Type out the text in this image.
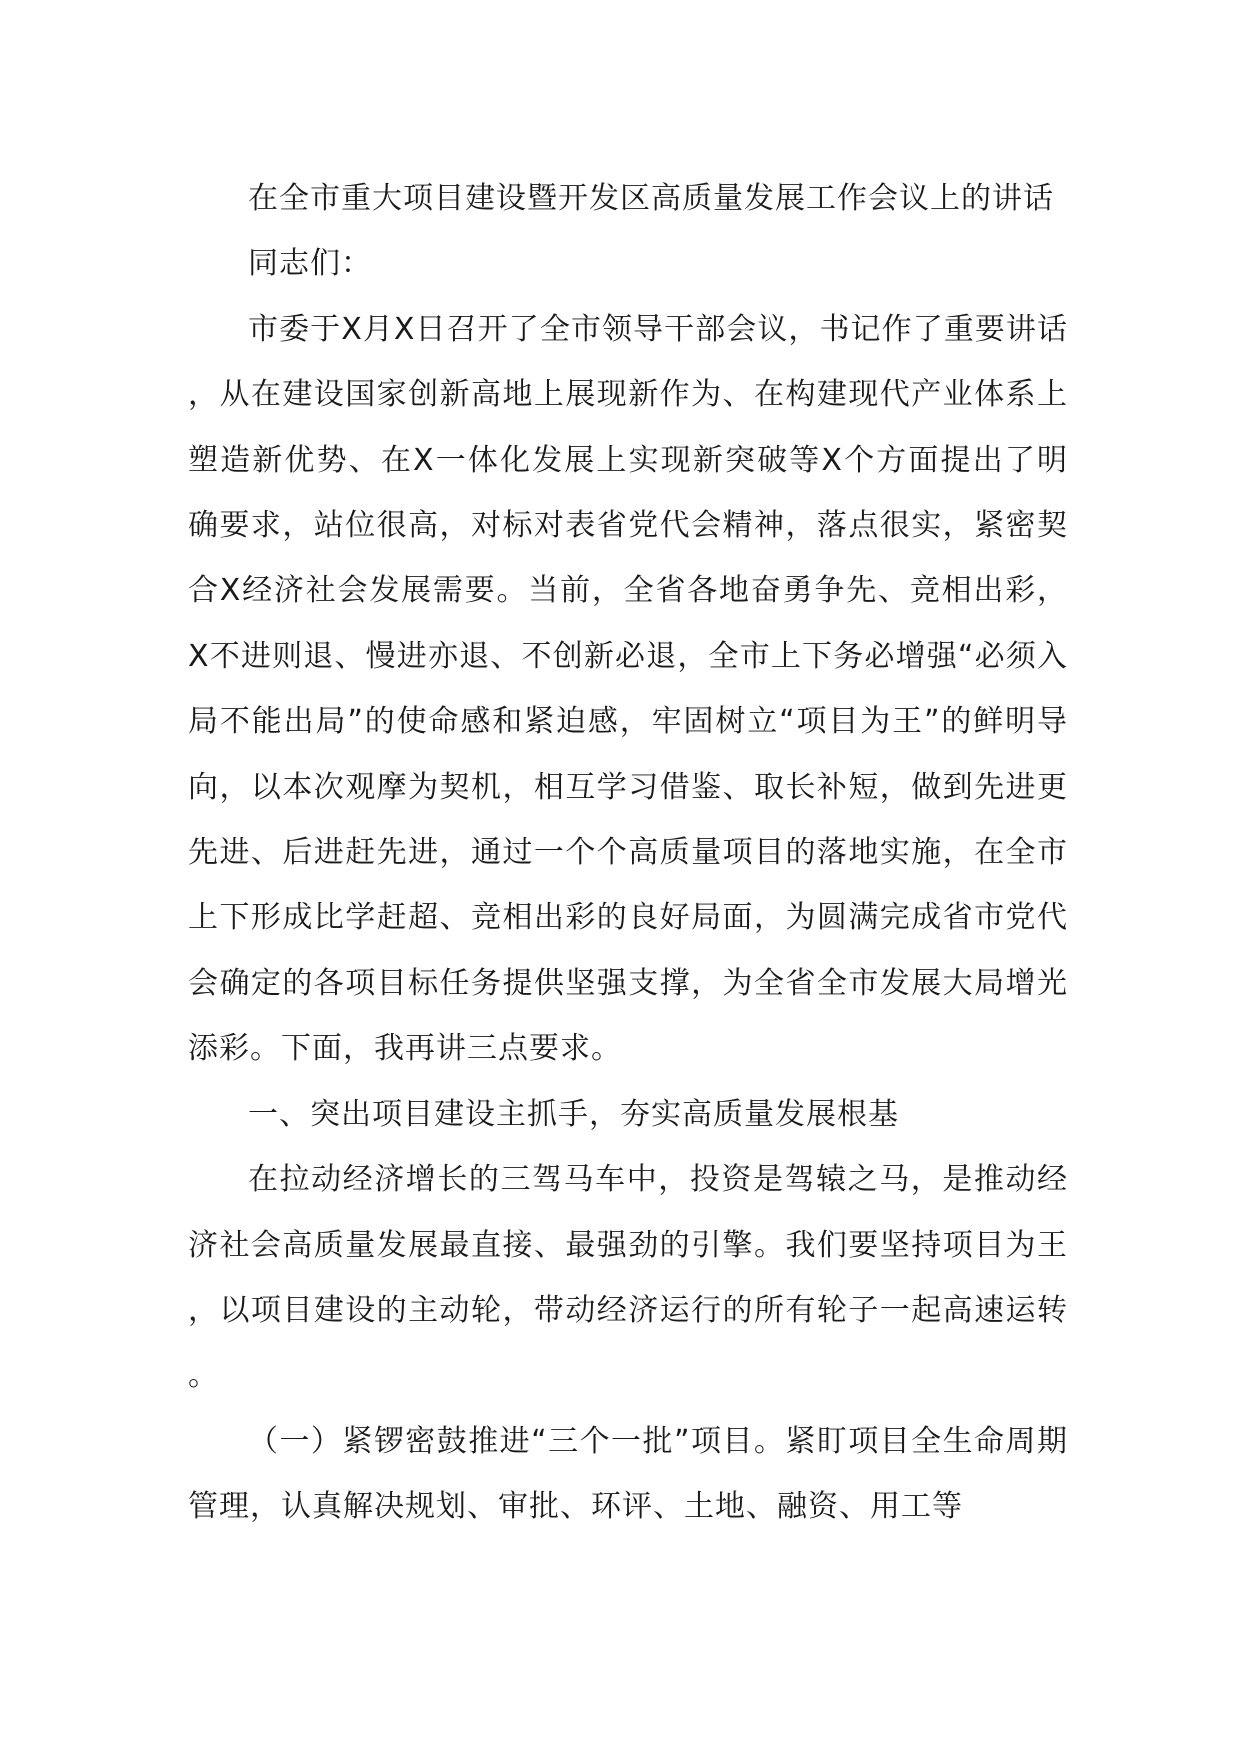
在全市重大项目建设暨开发区高质量发展工作会议上的讲话

同志们：

市委于X月X日召开了全市领导干部会议，书记作了重要讲话，从在建设国家创新高地上展现新作为、在构建现代产业体系上塑造新优势、在X一体化发展上实现新突破等X个方面提出了明确要求，站位很高，对标对表省党代会精神，落点很实，紧密契合X经济社会发展需要。当前，全省各地奋勇争先、竞相出彩，X不进则退、慢进亦退、不创新必退，全市上下务必增强“必须入局不能出局”的使命感和紧迫感，牢固树立“项目为王”的鲜明导向，以本次观摩为契机，相互学习借鉴、取长补短，做到先进更先进、后进赶先进，通过一个个高质量项目的落地实施，在全市上下形成比学赶超、竞相出彩的良好局面，为圆满完成省市党代会确定的各项目标任务提供坚强支撑，为全省全市发展大局增光添彩。下面，我再讲三点要求。

一、突出项目建设主抓手，夯实高质量发展根基

在拉动经济增长的三驾马车中，投资是驾辕之马，是推动经济社会高质量发展最直接、最强劲的引擎。我们要坚持项目为王，以项目建设的主动轮，带动经济运行的所有轮子一起高速运转。

（一）紧锣密鼓推进“三个一批”项目。紧盯项目全生命周期管理，认真解决规划、审批、环评、土地、融资、用工等
